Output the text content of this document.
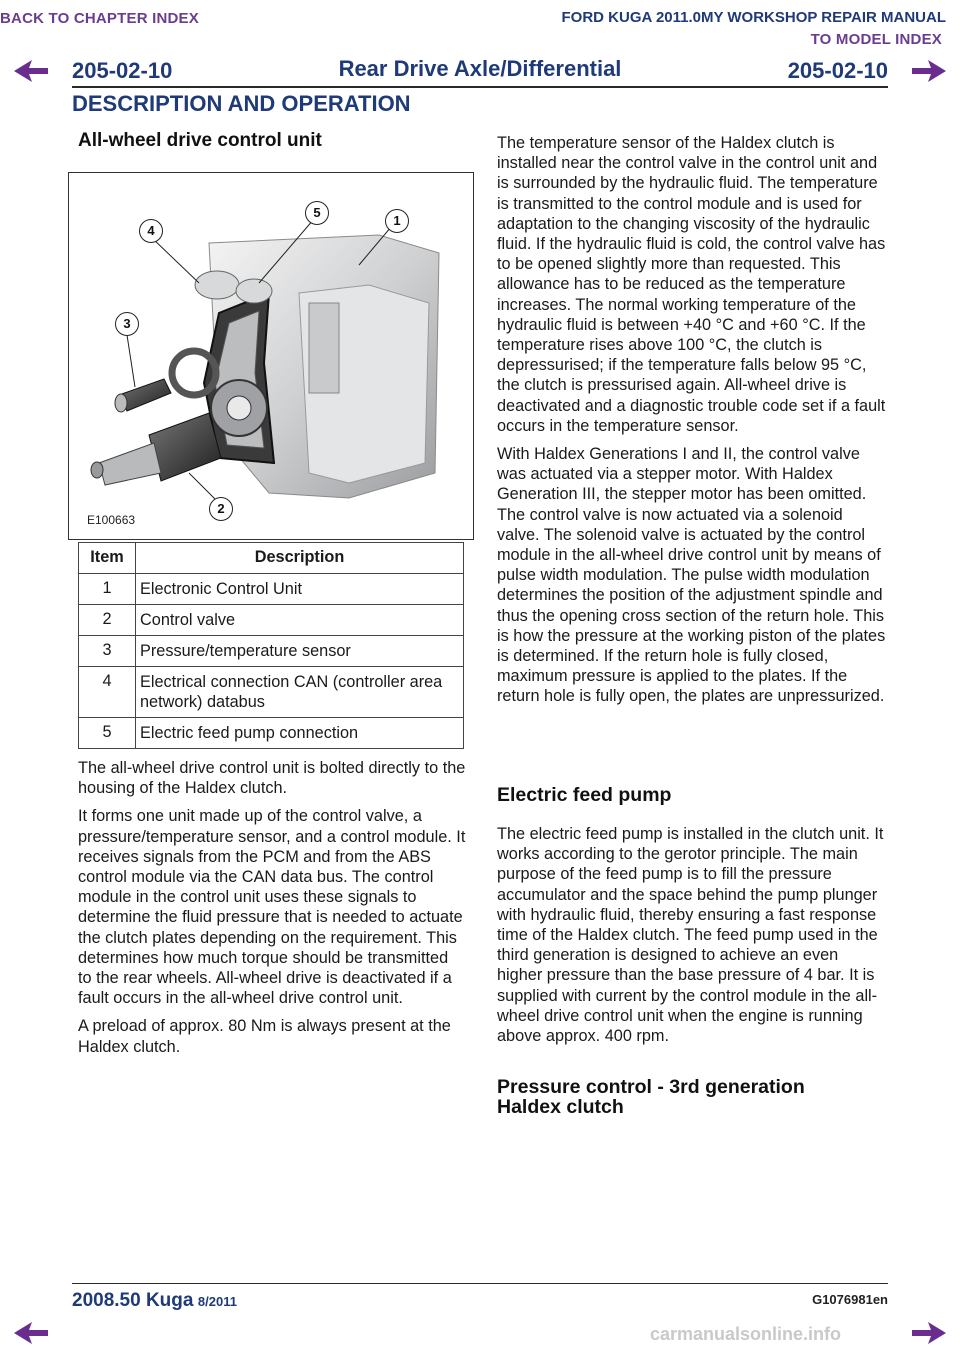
BACK TO CHAPTER INDEX	FORD KUGA 2011.0MY WORKSHOP REPAIR MANUAL
TO MODEL INDEX
205-02-10	Rear Drive Axle/Differential	205-02-10
DESCRIPTION AND OPERATION
All-wheel drive control unit
1
2
3
4
5
E100663
Item	Description
1	Electronic Control Unit
2	Control valve
3	Pressure/temperature sensor
4	Electrical connection CAN (controller area network) databus
5	Electric feed pump connection

The all-wheel drive control unit is bolted directly to the housing of the Haldex clutch.

It forms one unit made up of the control valve, a pressure/temperature sensor, and a control module. It receives signals from the PCM and from the ABS control module via the CAN data bus. The control module in the control unit uses these signals to determine the fluid pressure that is needed to actuate the clutch plates depending on the requirement. This determines how much torque should be transmitted to the rear wheels. All-wheel drive is deactivated if a fault occurs in the all-wheel drive control unit.

A preload of approx. 80 Nm is always present at the Haldex clutch.

The temperature sensor of the Haldex clutch is installed near the control valve in the control unit and is surrounded by the hydraulic fluid. The temperature is transmitted to the control module and is used for adaptation to the changing viscosity of the hydraulic fluid. If the hydraulic fluid is cold, the control valve has to be opened slightly more than requested. This allowance has to be reduced as the temperature increases. The normal working temperature of the hydraulic fluid is between +40 °C and +60 °C. If the temperature rises above 100 °C, the clutch is depressurised; if the temperature falls below 95 °C, the clutch is pressurised again. All-wheel drive is deactivated and a diagnostic trouble code set if a fault occurs in the temperature sensor.

With Haldex Generations I and II, the control valve was actuated via a stepper motor. With Haldex Generation III, the stepper motor has been omitted. The control valve is now actuated via a solenoid valve. The solenoid valve is actuated by the control module in the all-wheel drive control unit by means of pulse width modulation. The pulse width modulation determines the position of the adjustment spindle and thus the opening cross section of the return hole. This is how the pressure at the working piston of the plates is determined. If the return hole is fully closed, maximum pressure is applied to the plates. If the return hole is fully open, the plates are unpressurized.

Electric feed pump

The electric feed pump is installed in the clutch unit. It works according to the gerotor principle. The main purpose of the feed pump is to fill the pressure accumulator and the space behind the pump plunger with hydraulic fluid, thereby ensuring a fast response time of the Haldex clutch. The feed pump used in the third generation is designed to achieve an even higher pressure than the base pressure of 4 bar. It is supplied with current by the control module in the all-wheel drive control unit when the engine is running above approx. 400 rpm.

Pressure control - 3rd generation
Haldex clutch
2008.50 Kuga 8/2011	G1076981en
carmanualsonline.info
